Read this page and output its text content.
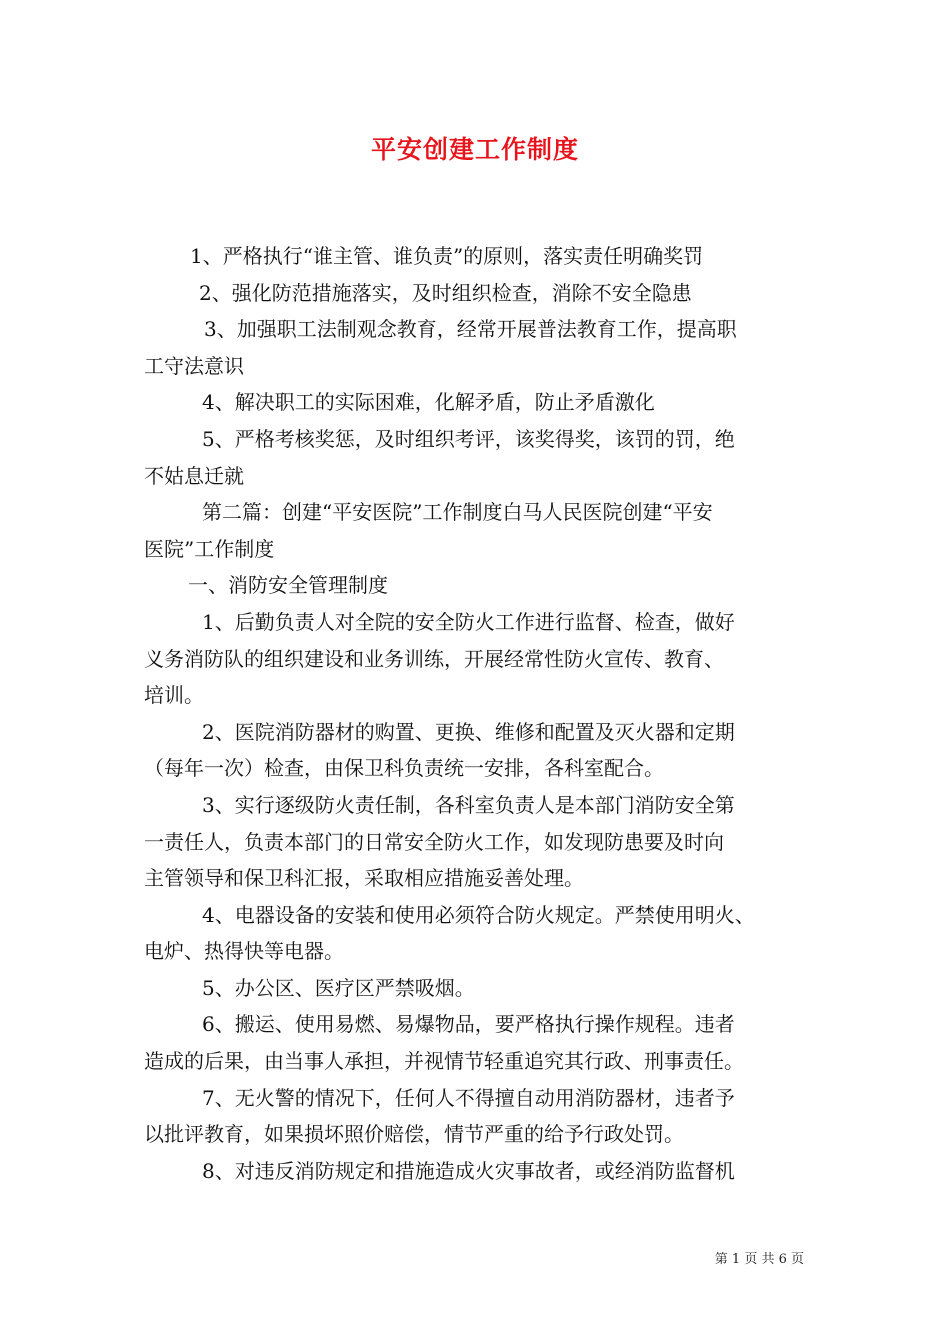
平安创建工作制度
1、严格执行“谁主管、谁负责”的原则，落实责任明确奖罚
2、强化防范措施落实，及时组织检查，消除不安全隐患
3、加强职工法制观念教育，经常开展普法教育工作，提高职
工守法意识
4、解决职工的实际困难，化解矛盾，防止矛盾激化
5、严格考核奖惩，及时组织考评，该奖得奖，该罚的罚，绝
不姑息迁就
第二篇：创建“平安医院”工作制度白马人民医院创建“平安
医院”工作制度
一、消防安全管理制度
1、后勤负责人对全院的安全防火工作进行监督、检查，做好
义务消防队的组织建设和业务训练，开展经常性防火宣传、教育、
培训。
2、医院消防器材的购置、更换、维修和配置及灭火器和定期
（每年一次）检查，由保卫科负责统一安排，各科室配合。
3、实行逐级防火责任制，各科室负责人是本部门消防安全第
一责任人，负责本部门的日常安全防火工作，如发现防患要及时向
主管领导和保卫科汇报，采取相应措施妥善处理。
4、电器设备的安装和使用必须符合防火规定。严禁使用明火、
电炉、热得快等电器。
5、办公区、医疗区严禁吸烟。
6、搬运、使用易燃、易爆物品，要严格执行操作规程。违者
造成的后果，由当事人承担，并视情节轻重追究其行政、刑事责任。
7、无火警的情况下，任何人不得擅自动用消防器材，违者予
以批评教育，如果损坏照价赔偿，情节严重的给予行政处罚。
8、对违反消防规定和措施造成火灾事故者，或经消防监督机
第 1 页 共 6 页
